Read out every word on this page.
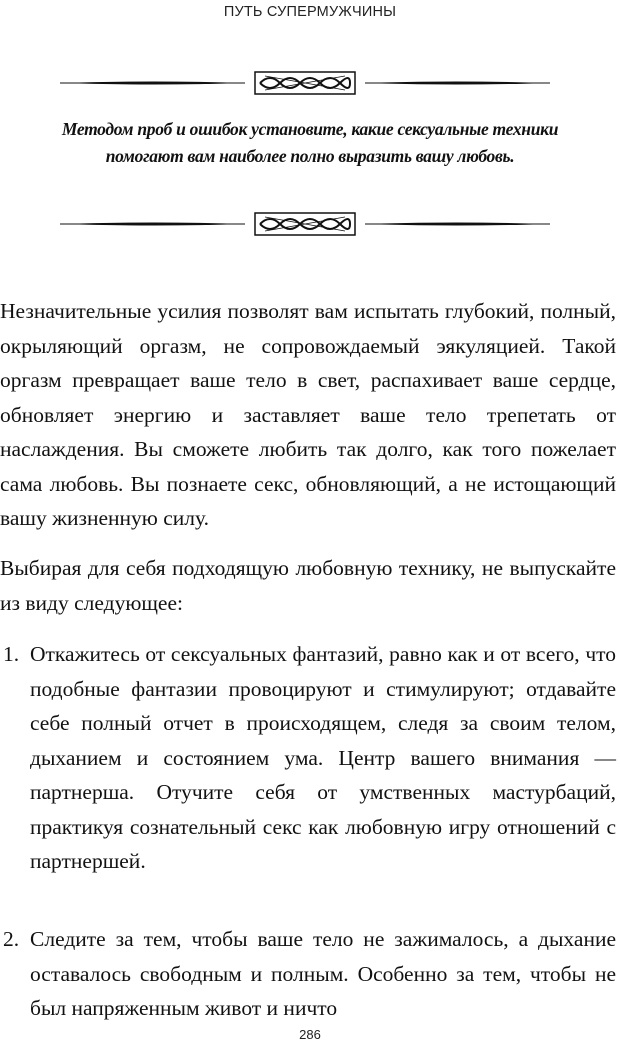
ПУТЬ СУПЕРМУЖЧИНЫ
Методом проб и ошибок установите, какие сексуальные техники помогают вам наиболее полно выразить вашу любовь.

Незначительные усилия позволят вам испытать глубокий, полный, окрыляющий оргазм, не сопровождаемый эякуляцией. Такой оргазм превращает ваше тело в свет, распахивает ваше сердце, обновляет энергию и заставляет ваше тело трепетать от наслаждения. Вы сможете любить так долго, как того пожелает сама любовь. Вы познаете секс, обновляющий, а не истощающий вашу жизненную силу.

Выбирая для себя подходящую любовную технику, не выпускайте из виду следующее:

1. Откажитесь от сексуальных фантазий, равно как и от всего, что подобные фантазии провоцируют и стимулируют; отдавайте себе полный отчет в происходящем, следя за своим телом, дыханием и состоянием ума. Центр вашего внимания — партнерша. Отучите себя от умственных мастурбаций, практикуя сознательный секс как любовную игру отношений с партнершей.
2. Следите за тем, чтобы ваше тело не зажималось, а дыхание оставалось свободным и полным. Особенно за тем, чтобы не был напряженным живот и ничто
286
